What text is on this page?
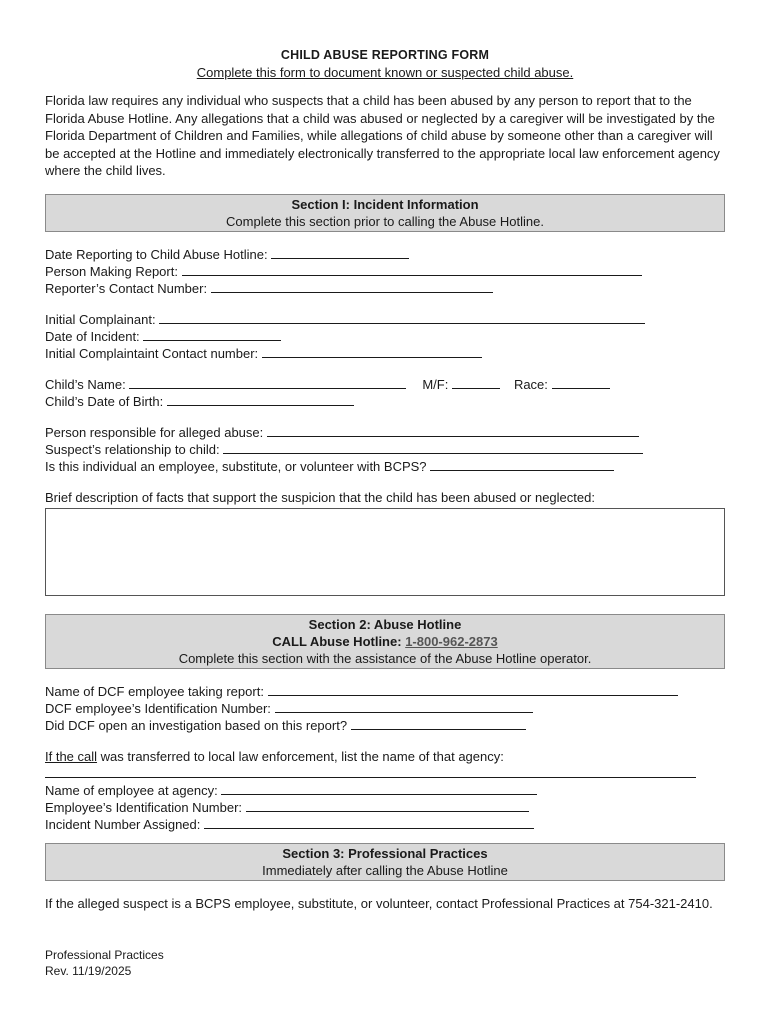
CHILD ABUSE REPORTING FORM
Complete this form to document known or suspected child abuse.
Florida law requires any individual who suspects that a child has been abused by any person to report that to the Florida Abuse Hotline. Any allegations that a child was abused or neglected by a caregiver will be investigated by the Florida Department of Children and Families, while allegations of child abuse by someone other than a caregiver will be accepted at the Hotline and immediately electronically transferred to the appropriate local law enforcement agency where the child lives.
Section I: Incident Information
Complete this section prior to calling the Abuse Hotline.
Date Reporting to Child Abuse Hotline:
Person Making Report:
Reporter’s Contact Number:
Initial Complainant:
Date of Incident:
Initial Complaintaint Contact number:
Child’s Name:	M/F:	Race:
Child’s Date of Birth:
Person responsible for alleged abuse:
Suspect’s relationship to child:
Is this individual an employee, substitute, or volunteer with BCPS?
Brief description of facts that support the suspicion that the child has been abused or neglected:
Section 2: Abuse Hotline
CALL Abuse Hotline: 1-800-962-2873
Complete this section with the assistance of the Abuse Hotline operator.
Name of DCF employee taking report:
DCF employee’s Identification Number:
Did DCF open an investigation based on this report?
If the call was transferred to local law enforcement, list the name of that agency:
Name of employee at agency:
Employee’s Identification Number:
Incident Number Assigned:
Section 3: Professional Practices
Immediately after calling the Abuse Hotline
If the alleged suspect is a BCPS employee, substitute, or volunteer, contact Professional Practices at 754-321-2410.
Professional Practices
Rev. 11/19/2025
